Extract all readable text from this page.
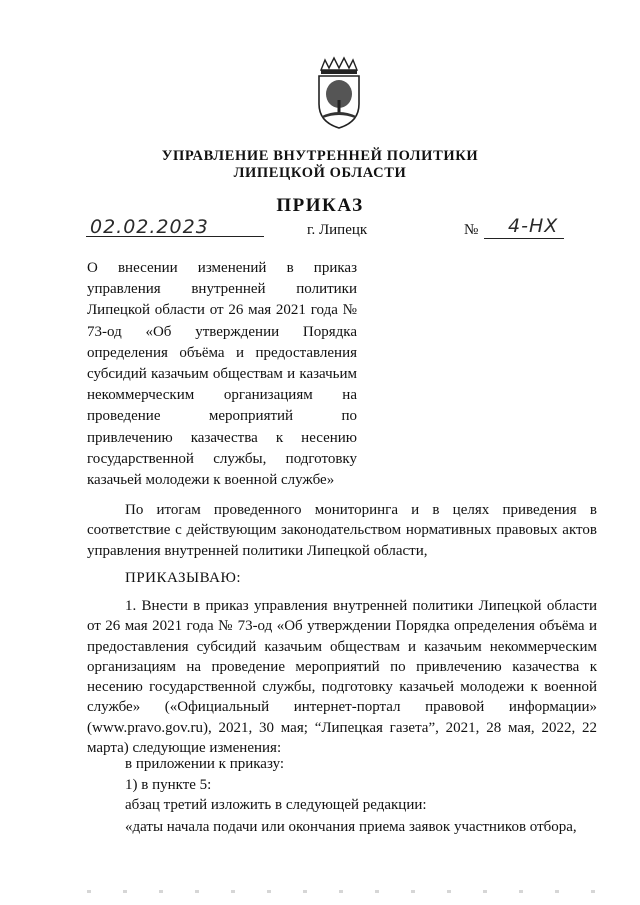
УПРАВЛЕНИЕ ВНУТРЕННЕЙ ПОЛИТИКИ
ЛИПЕЦКОЙ ОБЛАСТИ
ПРИКАЗ
02.02.2023	г. Липецк	№ 4-НХ
О внесении изменений в приказ управления внутренней политики Липецкой области от 26 мая 2021 года № 73-од «Об утверждении Порядка определения объёма и предоставления субсидий казачьим обществам и казачьим некоммерческим организациям на проведение мероприятий по привлечению казачества к несению государственной службы, подготовку казачьей молодежи к военной службе»
По итогам проведенного мониторинга и в целях приведения в соответствие с действующим законодательством нормативных правовых актов управления внутренней политики Липецкой области,
ПРИКАЗЫВАЮ:
1. Внести в приказ управления внутренней политики Липецкой области от 26 мая 2021 года № 73-од «Об утверждении Порядка определения объёма и предоставления субсидий казачьим обществам и казачьим некоммерческим организациям на проведение мероприятий по привлечению казачества к несению государственной службы, подготовку казачьей молодежи к военной службе» («Официальный интернет-портал правовой информации» (www.pravo.gov.ru), 2021, 30 мая; “Липецкая газета”, 2021, 28 мая, 2022, 22 марта) следующие изменения:
в приложении к приказу:
1) в пункте 5:
абзац третий изложить в следующей редакции:
«даты начала подачи или окончания приема заявок участников отбора,
